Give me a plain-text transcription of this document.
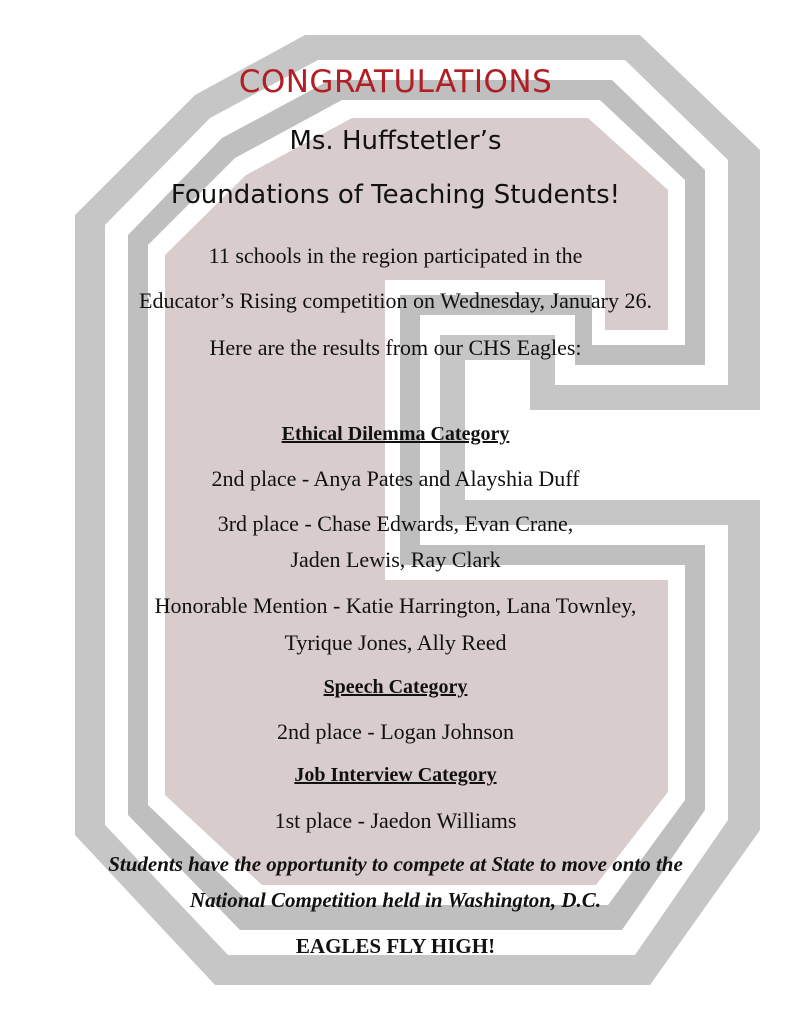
CONGRATULATIONS
Ms. Huffstetler’s
Foundations of Teaching Students!
11 schools in the region participated in the
Educator’s Rising competition on Wednesday, January 26.
Here are the results from our CHS Eagles:
Ethical Dilemma Category
2nd place - Anya Pates and Alayshia Duff
3rd place - Chase Edwards, Evan Crane,
Jaden Lewis, Ray Clark
Honorable Mention - Katie Harrington, Lana Townley,
Tyrique Jones, Ally Reed
Speech Category
2nd place - Logan Johnson
Job Interview Category
1st place - Jaedon Williams
Students have the opportunity to compete at State to move onto the
National Competition held in Washington, D.C.
EAGLES FLY HIGH!
